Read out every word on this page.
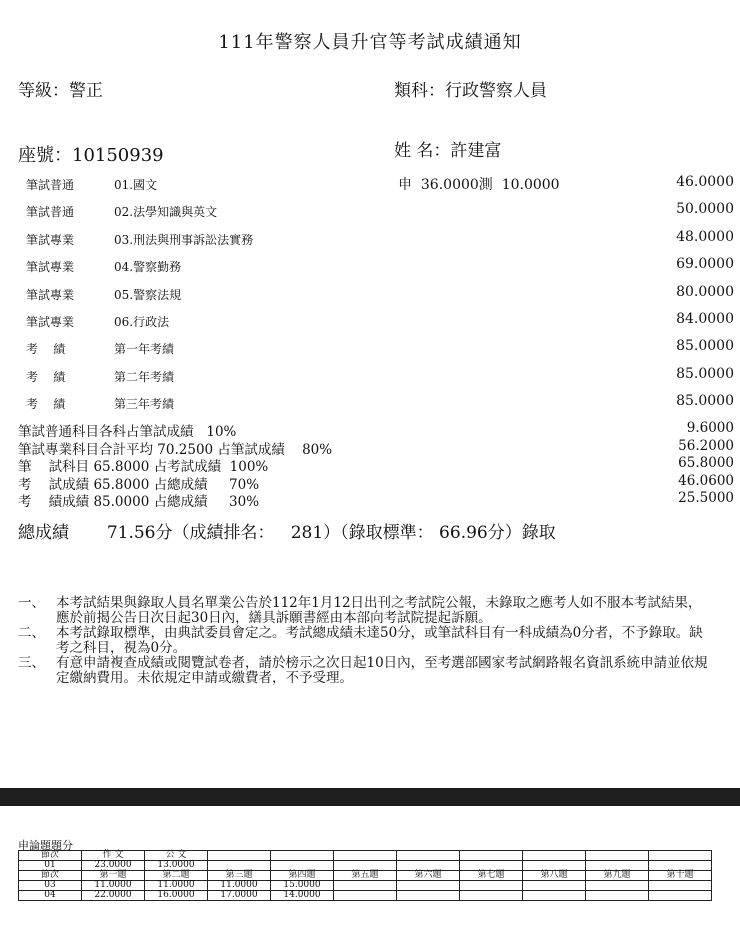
111年警察人員升官等考試成績通知
等級：警正	類科：行政警察人員
座號：10150939	姓 名：許建富
筆試普通	01.國文	申  36.0000測  10.0000	46.0000
筆試普通	02.法學知識與英文	50.0000
筆試專業	03.刑法與刑事訴訟法實務	48.0000
筆試專業	04.警察勤務	69.0000
筆試專業	05.警察法規	80.0000
筆試專業	06.行政法	84.0000
考    績	第一年考績	85.0000
考    績	第二年考績	85.0000
考    績	第三年考績	85.0000
筆試普通科目各科占筆試成績   10%	9.6000
筆試專業科目合計平均 70.2500 占筆試成績    80%	56.2000
筆    試科目 65.8000 占考試成績  100%	65.8000
考    試成績 65.8000 占總成績     70%	46.0600
考    績成績 85.0000 占總成績     30%	25.5000
總成績       71.56分（成績排名：   281）（錄取標準： 66.96分）錄取
一、 本考試結果與錄取人員名單業公告於112年1月12日出刊之考試院公報，未錄取之應考人如不服本考試結果，應於前揭公告日次日起30日內，繕具訴願書經由本部向考試院提起訴願。
二、 本考試錄取標準，由典試委員會定之。考試總成績未達50分，或筆試科目有一科成績為0分者，不予錄取。缺考之科目，視為0分。
三、 有意申請複查成績或閱覽試卷者，請於榜示之次日起10日內，至考選部國家考試網路報名資訊系統申請並依規定繳納費用。未依規定申請或繳費者，不予受理。
申論題題分
節次	作 文	公 文								
01	23.0000	13.0000								
節次	第一題	第二題	第三題	第四題	第五題	第六題	第七題	第八題	第九題	第十題
03	11.0000	11.0000	11.0000	15.0000						
04	22.0000	16.0000	17.0000	14.0000						
